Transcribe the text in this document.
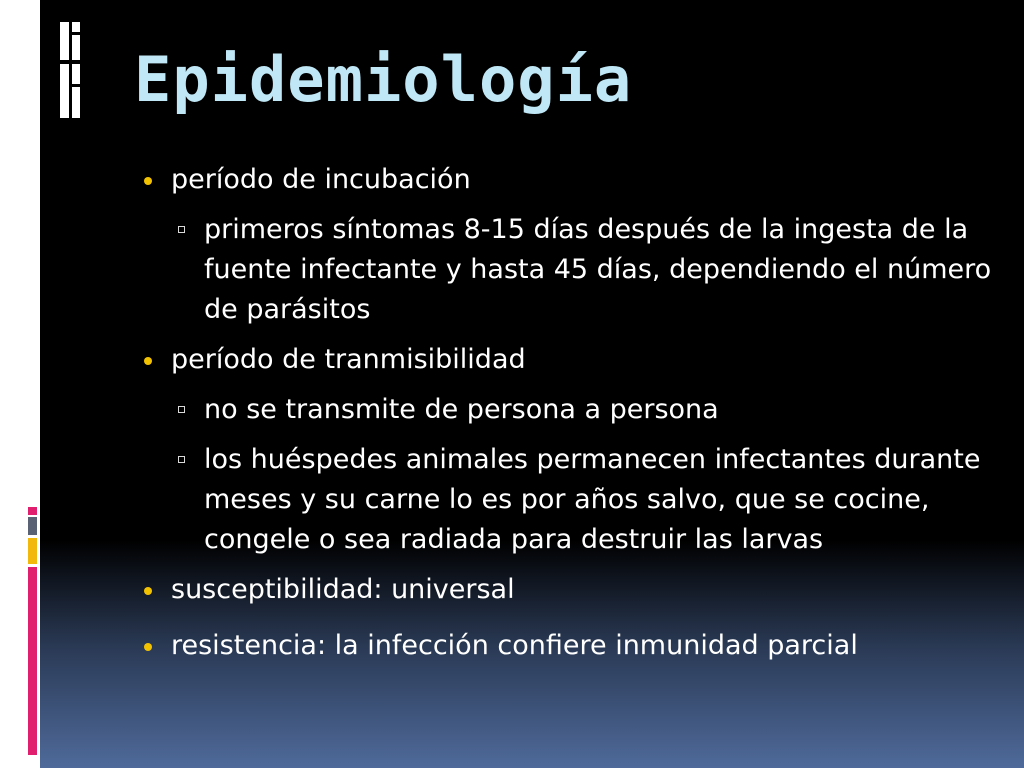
Epidemiología
período de incubación
primeros síntomas 8-15 días después de la ingesta de la fuente infectante y hasta 45 días, dependiendo el número de parásitos
período de tranmisibilidad
no se transmite de persona a persona
los huéspedes animales permanecen infectantes durante meses y su carne lo es por años salvo, que se cocine, congele o sea radiada para destruir las larvas
susceptibilidad: universal
resistencia: la infección confiere inmunidad parcial
